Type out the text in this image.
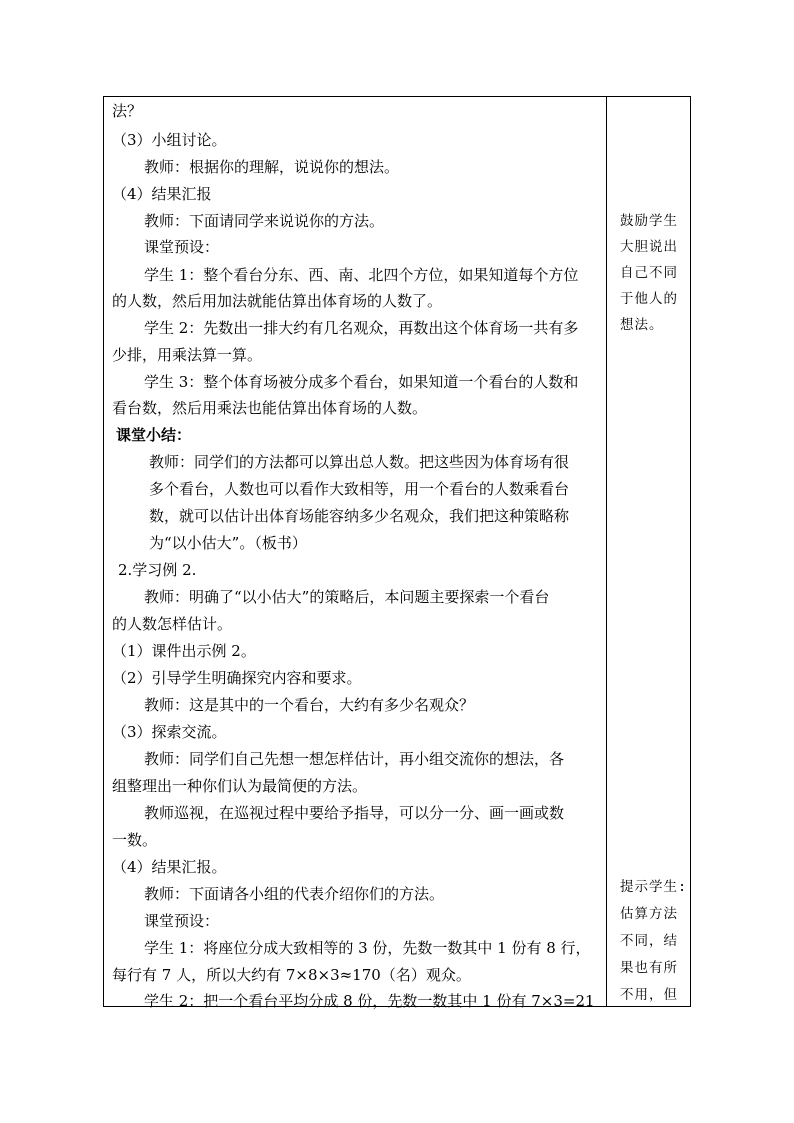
法？
（3）小组讨论。
教师：根据你的理解，说说你的想法。
（4）结果汇报
教师：下面请同学来说说你的方法。
课堂预设：
学生 1：整个看台分东、西、南、北四个方位，如果知道每个方位
的人数，然后用加法就能估算出体育场的人数了。
学生 2：先数出一排大约有几名观众，再数出这个体育场一共有多
少排，用乘法算一算。
学生 3：整个体育场被分成多个看台，如果知道一个看台的人数和
看台数，然后用乘法也能估算出体育场的人数。
课堂小结：
教师：同学们的方法都可以算出总人数。把这些因为体育场有很
多个看台，人数也可以看作大致相等，用一个看台的人数乘看台
数，就可以估计出体育场能容纳多少名观众，我们把这种策略称
为“以小估大”。（板书）
2.学习例 2.
教师：明确了“以小估大”的策略后，本问题主要探索一个看台
的人数怎样估计。
（1）课件出示例 2。
（2）引导学生明确探究内容和要求。
教师：这是其中的一个看台，大约有多少名观众？
（3）探索交流。
教师：同学们自己先想一想怎样估计，再小组交流你的想法，各
组整理出一种你们认为最简便的方法。
教师巡视，在巡视过程中要给予指导，可以分一分、画一画或数
一数。
（4）结果汇报。
教师：下面请各小组的代表介绍你们的方法。
课堂预设：
学生 1：将座位分成大致相等的 3 份，先数一数其中 1 份有 8 行，
每行有 7 人，所以大约有 7×8×3≈170（名）观众。
学生 2：把一个看台平均分成 8 份，先数一数其中 1 份有 7×3=21
鼓励学生
大胆说出
自己不同
于他人的
想法。
提示学生:
估算方法
不同，结
果也有所
不用，但
